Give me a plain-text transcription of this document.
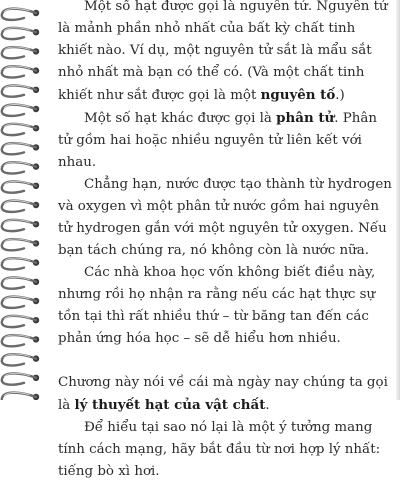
Một số hạt được gọi là nguyên tử. Nguyên tử là mảnh phần nhỏ nhất của bất kỳ chất tinh khiết nào. Ví dụ, một nguyên tử sắt là mẩu sắt nhỏ nhất mà bạn có thể có. (Và một chất tinh khiết như sắt được gọi là một nguyên tố.)

Một số hạt khác được gọi là phân tử. Phân tử gồm hai hoặc nhiều nguyên tử liên kết với nhau.

Chẳng hạn, nước được tạo thành từ hydrogen và oxygen vì một phân tử nước gồm hai nguyên tử hydrogen gắn với một nguyên tử oxygen. Nếu bạn tách chúng ra, nó không còn là nước nữa.

Các nhà khoa học vốn không biết điều này, nhưng rồi họ nhận ra rằng nếu các hạt thực sự tồn tại thì rất nhiều thứ – từ băng tan đến các phản ứng hóa học – sẽ dễ hiểu hơn nhiều.

Chương này nói về cái mà ngày nay chúng ta gọi là lý thuyết hạt của vật chất.

Để hiểu tại sao nó lại là một ý tưởng mang tính cách mạng, hãy bắt đầu từ nơi hợp lý nhất: tiếng bò xì hơi.
